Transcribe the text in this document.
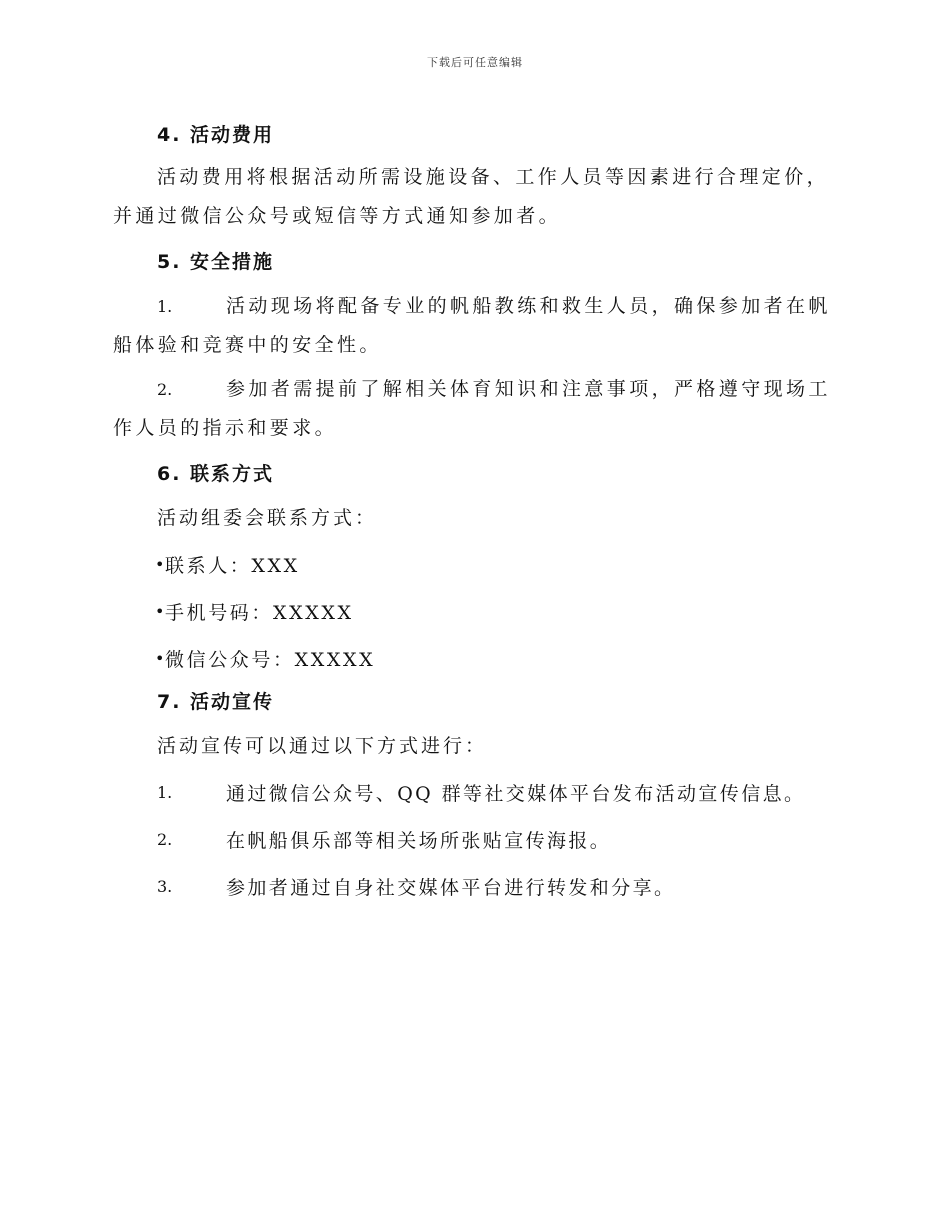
下载后可任意编辑
4. 活动费用

活动费用将根据活动所需设施设备、工作人员等因素进行合理定价，并通过微信公众号或短信等方式通知参加者。

5. 安全措施
1.	活动现场将配备专业的帆船教练和救生人员，确保参加者在帆船体验和竞赛中的安全性。

2.	参加者需提前了解相关体育知识和注意事项，严格遵守现场工作人员的指示和要求。

6. 联系方式
活动组委会联系方式：
•
联系人：XXX
•
手机号码：XXXXX
•
微信公众号：XXXXX
7. 活动宣传
活动宣传可以通过以下方式进行：
1.	通过微信公众号、QQ 群等社交媒体平台发布活动宣传信息。
2.	在帆船俱乐部等相关场所张贴宣传海报。
3.	参加者通过自身社交媒体平台进行转发和分享。
